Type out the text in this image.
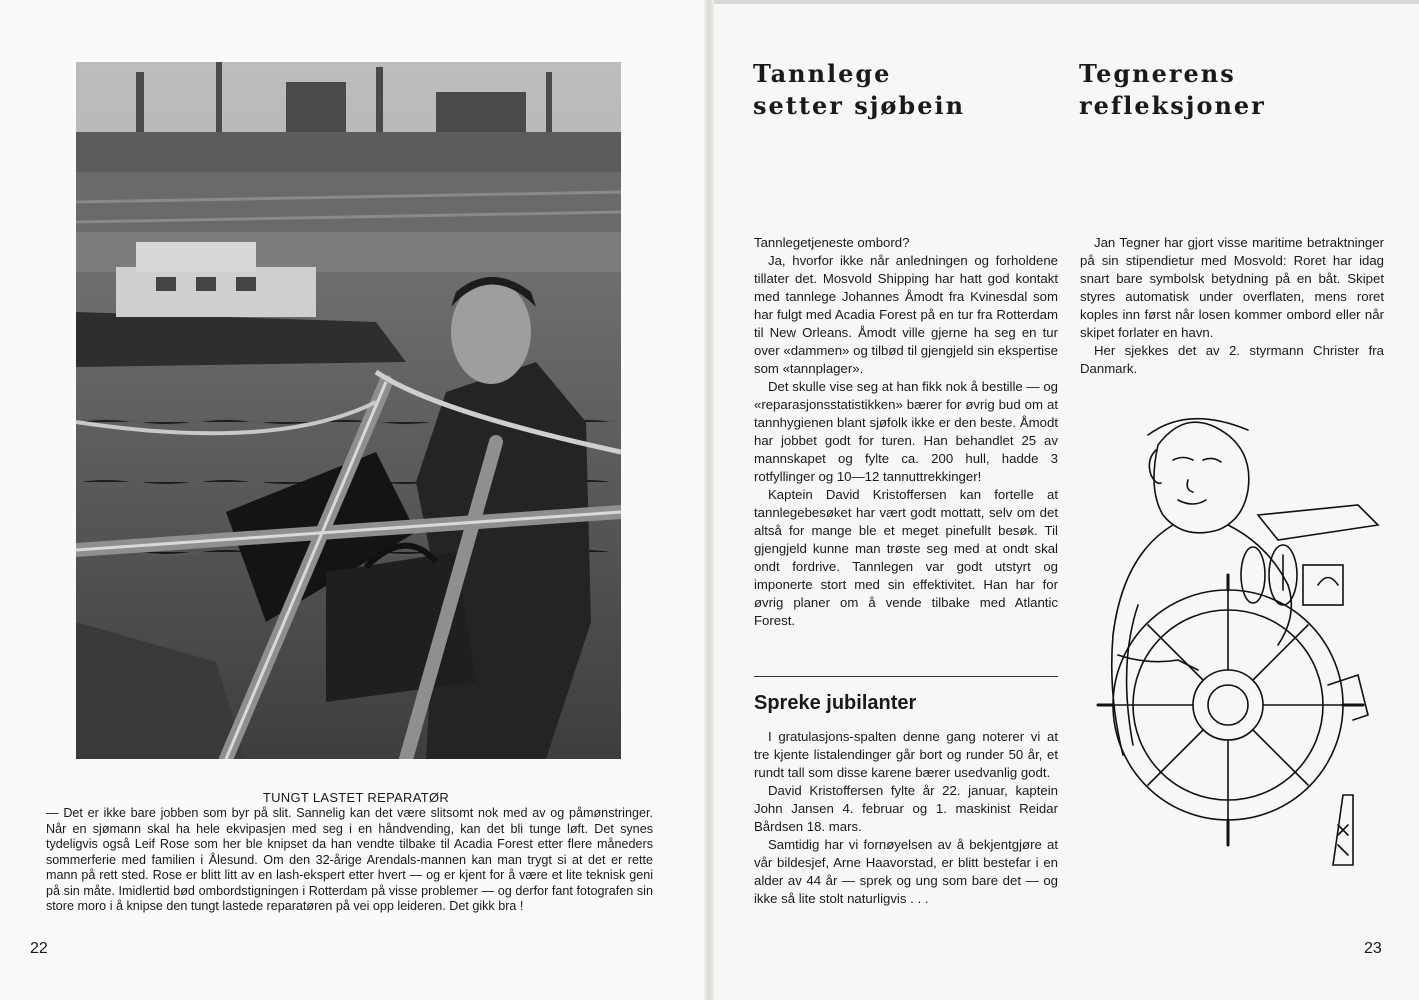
TUNGT LASTET REPARATØR
— Det er ikke bare jobben som byr på slit. Sannelig kan det være slitsomt nok med av og påmønstringer. Når en sjømann skal ha hele ekvipasjen med seg i en håndvending, kan det bli tunge løft. Det synes tydeligvis også Leif Rose som her ble knipset da han vendte tilbake til Acadia Forest etter flere måneders sommerferie med familien i Ålesund. Om den 32-årige Arendals-mannen kan man trygt si at det er rette mann på rett sted. Rose er blitt litt av en lash-ekspert etter hvert — og er kjent for å være et lite teknisk geni på sin måte. Imidlertid bød ombordstigningen i Rotterdam på visse problemer — og derfor fant fotografen sin store moro i å knipse den tungt lastede reparatøren på vei opp leideren. Det gikk bra !
22
Tannlege
setter sjøbein
Tegnerens
refleksjoner

Tannlegetjeneste ombord?

Ja, hvorfor ikke når anledningen og forholdene tillater det. Mosvold Shipping har hatt god kontakt med tannlege Johannes Åmodt fra Kvinesdal som har fulgt med Acadia Forest på en tur fra Rotterdam til New Orleans. Åmodt ville gjerne ha seg en tur over «dammen» og tilbød til gjengjeld sin ekspertise som «tannplager».

Det skulle vise seg at han fikk nok å bestille — og «reparasjonsstatistikken» bærer for øvrig bud om at tannhygienen blant sjøfolk ikke er den beste. Åmodt har jobbet godt for turen. Han behandlet 25 av mannskapet og fylte ca. 200 hull, hadde 3 rotfyllinger og 10—12 tannuttrekkinger!

Kaptein David Kristoffersen kan fortelle at tannlegebesøket har vært godt mottatt, selv om det altså for mange ble et meget pinefullt besøk. Til gjengjeld kunne man trøste seg med at ondt skal ondt fordrive. Tannlegen var godt utstyrt og imponerte stort med sin effektivitet. Han har for øvrig planer om å vende tilbake med Atlantic Forest.

Jan Tegner har gjort visse maritime betraktninger på sin stipendietur med Mosvold: Roret har idag snart bare symbolsk betydning på en båt. Skipet styres automatisk under overflaten, mens roret koples inn først når losen kommer ombord eller når skipet forlater en havn.

Her sjekkes det av 2. styrmann Christer fra Danmark.

Spreke jubilanter

I gratulasjons-spalten denne gang noterer vi at tre kjente listalendinger går bort og runder 50 år, et rundt tall som disse karene bærer usedvanlig godt.

David Kristoffersen fylte år 22. januar, kaptein John Jansen 4. februar og 1. maskinist Reidar Bårdsen 18. mars.

Samtidig har vi fornøyelsen av å bekjentgjøre at vår bildesjef, Arne Haavorstad, er blitt bestefar i en alder av 44 år — sprek og ung som bare det — og ikke så lite stolt naturligvis . . .

23
